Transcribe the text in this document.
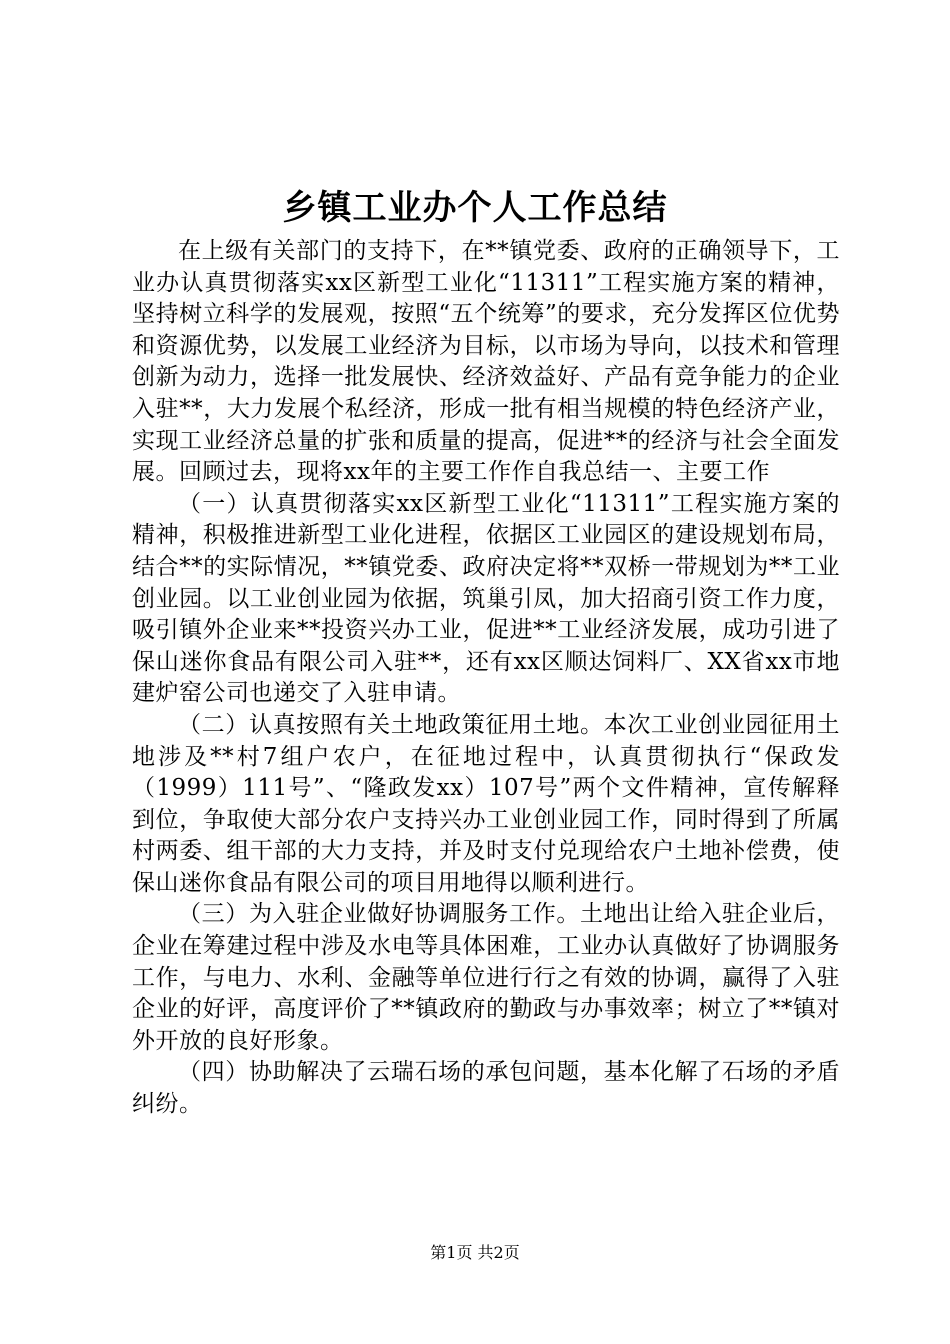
乡镇工业办个人工作总结

在上级有关部门的支持下，在**镇党委、政府的正确领导下，工业办认真贯彻落实xx区新型工业化“11311”工程实施方案的精神，坚持树立科学的发展观，按照“五个统筹”的要求，充分发挥区位优势和资源优势，以发展工业经济为目标，以市场为导向，以技术和管理创新为动力，选择一批发展快、经济效益好、产品有竞争能力的企业入驻**，大力发展个私经济，形成一批有相当规模的特色经济产业，实现工业经济总量的扩张和质量的提高，促进**的经济与社会全面发展。回顾过去，现将xx年的主要工作作自我总结一、主要工作

（一）认真贯彻落实xx区新型工业化“11311”工程实施方案的精神，积极推进新型工业化进程，依据区工业园区的建设规划布局，结合**的实际情况，**镇党委、政府决定将**双桥一带规划为**工业创业园。以工业创业园为依据，筑巢引凤，加大招商引资工作力度，吸引镇外企业来**投资兴办工业，促进**工业经济发展，成功引进了保山迷你食品有限公司入驻**，还有xx区顺达饲料厂、XX省xx市地建炉窑公司也递交了入驻申请。

（二）认真按照有关土地政策征用土地。本次工业创业园征用土地涉及**村7组户农户，在征地过程中，认真贯彻执行“保政发（1999）111号”、“隆政发xx）107号”两个文件精神，宣传解释到位，争取使大部分农户支持兴办工业创业园工作，同时得到了所属村两委、组干部的大力支持，并及时支付兑现给农户土地补偿费，使保山迷你食品有限公司的项目用地得以顺利进行。

（三）为入驻企业做好协调服务工作。土地出让给入驻企业后，企业在筹建过程中涉及水电等具体困难，工业办认真做好了协调服务工作，与电力、水利、金融等单位进行行之有效的协调，赢得了入驻企业的好评，高度评价了**镇政府的勤政与办事效率；树立了**镇对外开放的良好形象。

（四）协助解决了云瑞石场的承包问题，基本化解了石场的矛盾纠纷。

第1页 共2页
